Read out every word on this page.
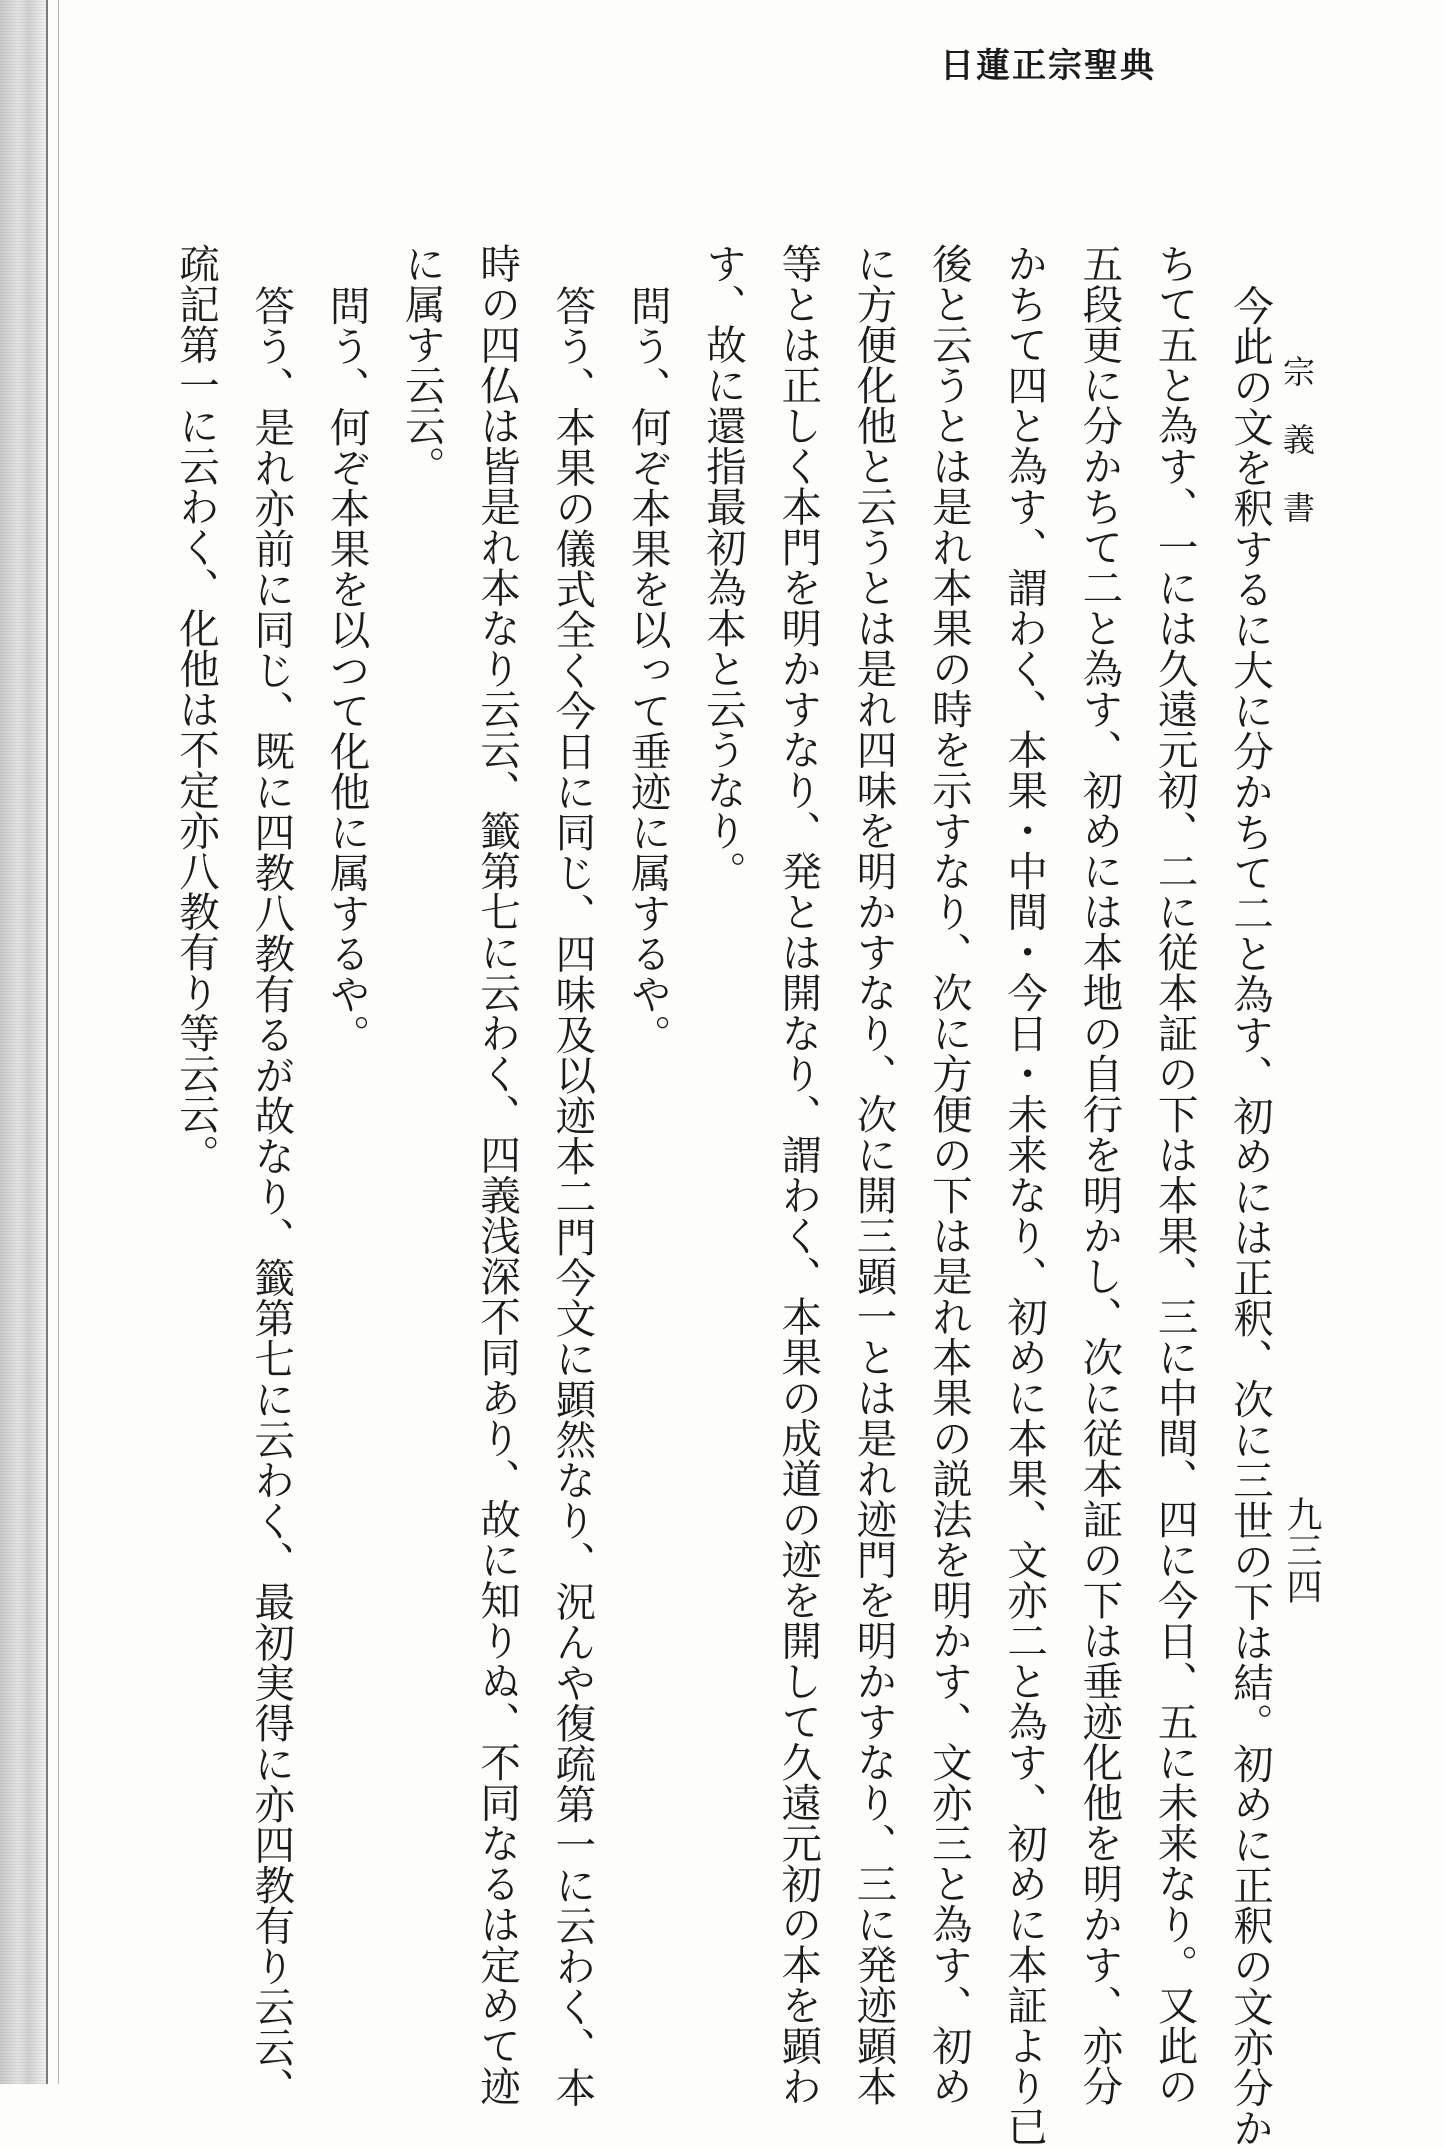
日蓮正宗聖典
宗義書
九三四
今此の文を釈するに大に分かちて二と為す、初めには正釈、次に三世の下は結。初めに正釈の文亦分か
ちて五と為す、一には久遠元初、二に従本証の下は本果、三に中間、四に今日、五に未来なり。又此の
五段更に分かちて二と為す、初めには本地の自行を明かし、次に従本証の下は垂迹化他を明かす、亦分
かちて四と為す、謂わく、本果・中間・今日・未来なり、初めに本果、文亦二と為す、初めに本証より已
後と云うとは是れ本果の時を示すなり、次に方便の下は是れ本果の説法を明かす、文亦三と為す、初め
に方便化他と云うとは是れ四味を明かすなり、次に開三顕一とは是れ迹門を明かすなり、三に発迹顕本
等とは正しく本門を明かすなり、発とは開なり、謂わく、本果の成道の迹を開して久遠元初の本を顕わ
す、故に還指最初為本と云うなり。
問う、何ぞ本果を以って垂迹に属するや。
答う、本果の儀式全く今日に同じ、四味及以迹本二門今文に顕然なり、況んや復疏第一に云わく、本
時の四仏は皆是れ本なり云云、籤第七に云わく、四義浅深不同あり、故に知りぬ、不同なるは定めて迹
に属す云云。
問う、何ぞ本果を以つて化他に属するや。
答う、是れ亦前に同じ、既に四教八教有るが故なり、籤第七に云わく、最初実得に亦四教有り云云、
疏記第一に云わく、化他は不定亦八教有り等云云。
